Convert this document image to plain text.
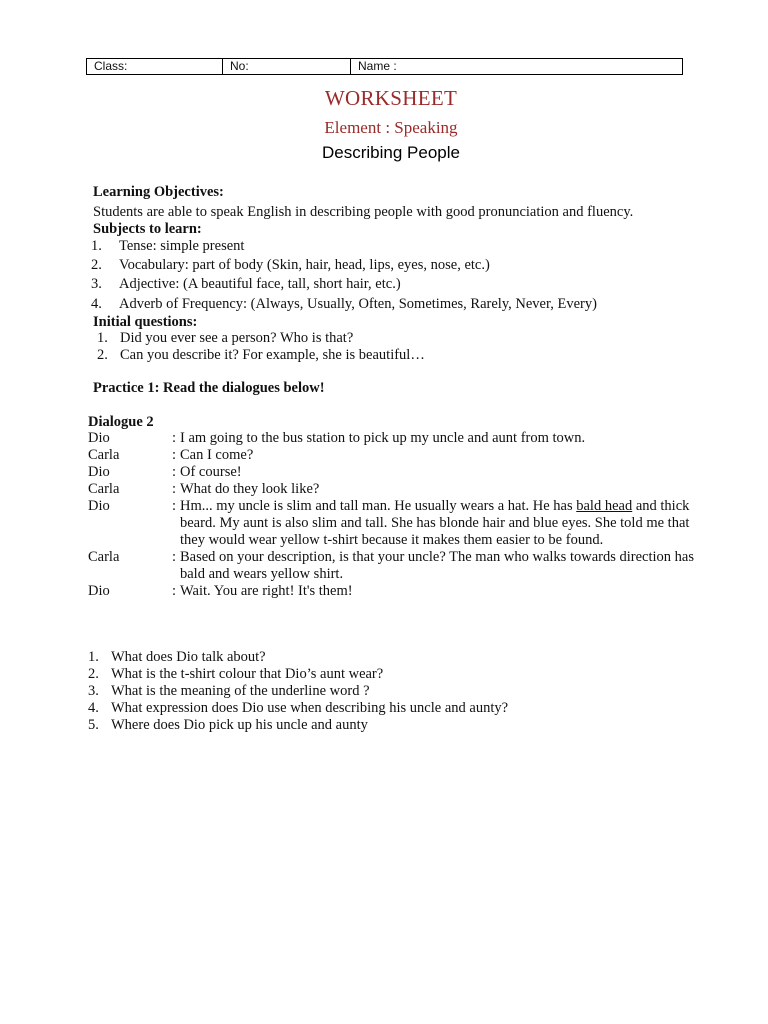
Class:	No:	Name :
WORKSHEET
Element : Speaking
Describing People
Learning Objectives:
Students are able to speak English in describing people with good pronunciation and fluency.
Subjects to learn:
1.	Tense: simple present
2.	Vocabulary: part of body (Skin, hair, head, lips, eyes, nose, etc.)
3.	Adjective: (A beautiful face, tall, short hair, etc.)
4.	Adverb of Frequency: (Always, Usually, Often, Sometimes, Rarely, Never, Every)
Initial questions:
1. Did you ever see a person? Who is that?
2. Can you describe it? For example, she is beautiful…
Practice 1: Read the dialogues below!
Dialogue 2
Dio	: I am going to the bus station to pick up my uncle and aunt from town.
Carla	: Can I come?
Dio	: Of course!
Carla	: What do they look like?
Dio	: Hm... my uncle is slim and tall man. He usually wears a hat. He has bald head and thick beard. My aunt is also slim and tall. She has blonde hair and blue eyes. She told me that they would wear yellow t-shirt because it makes them easier to be found.
Carla	: Based on your description, is that your uncle? The man who walks towards direction has bald and wears yellow shirt.
Dio	: Wait. You are right! It's them!
1. What does Dio talk about?
2. What is the t-shirt colour that Dio’s aunt wear?
3. What is the meaning of the underline word ?
4. What expression does Dio use when describing his uncle and aunty?
5. Where does Dio pick up his uncle and aunty
